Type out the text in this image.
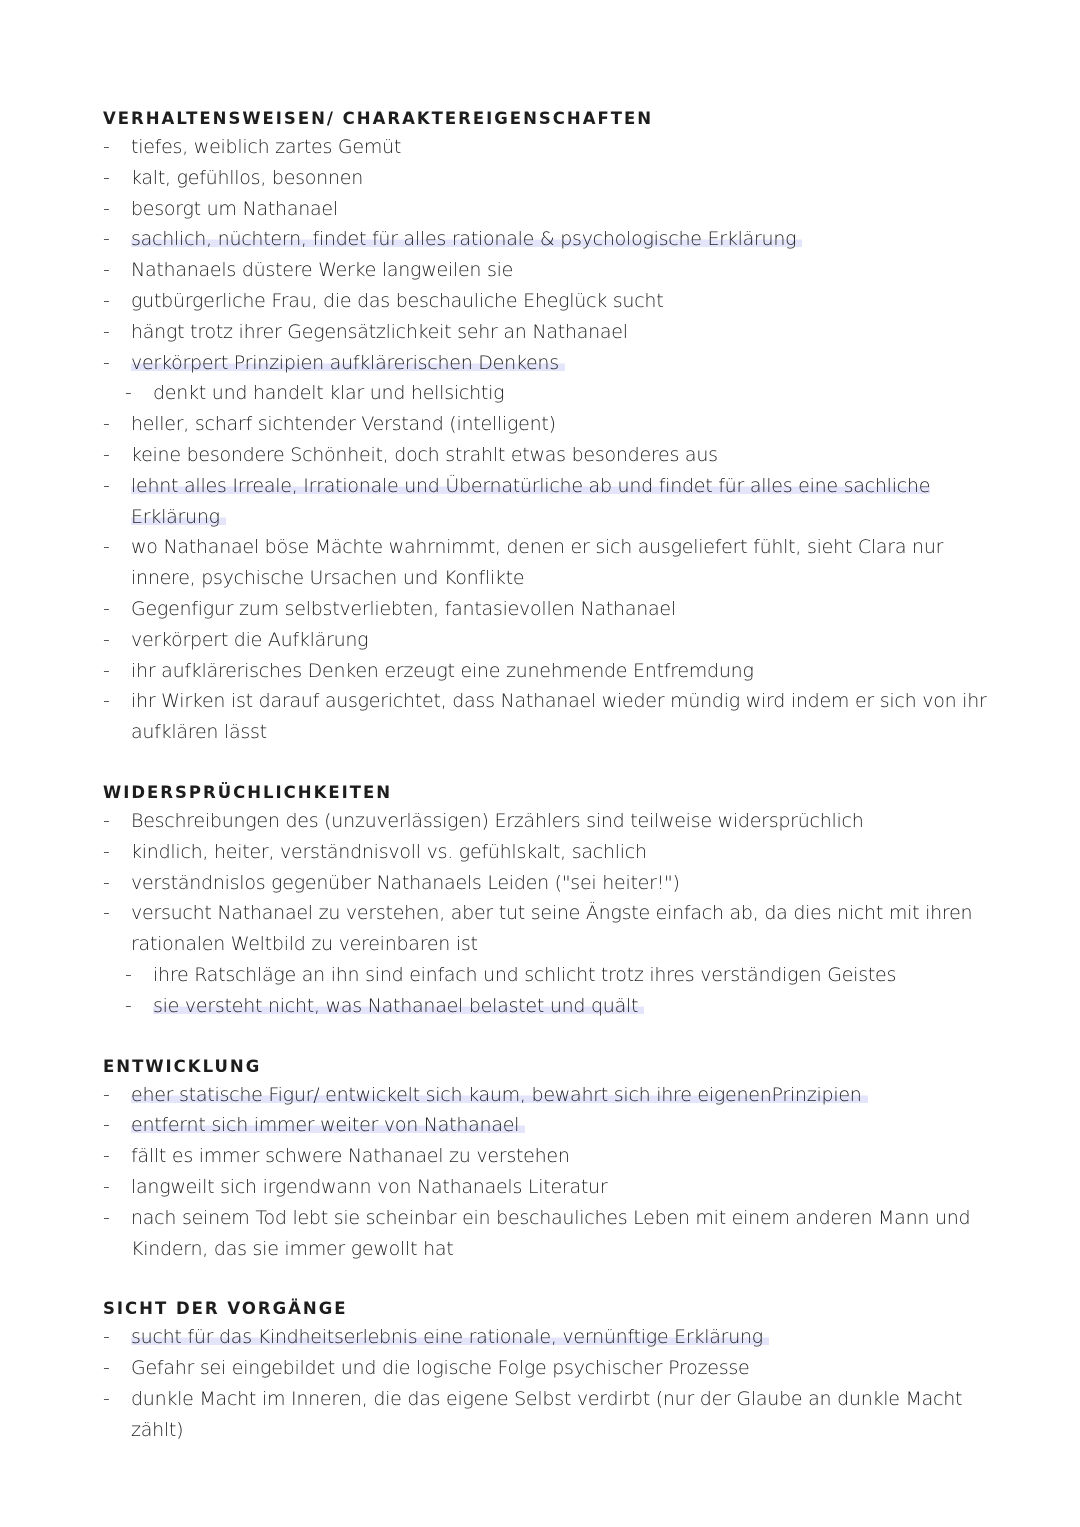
VERHALTENSWEISEN/ CHARAKTEREIGENSCHAFTEN
-	tiefes, weiblich zartes Gemüt
-	kalt, gefühllos, besonnen
-	besorgt um Nathanael
-	sachlich, nüchtern, findet für alles rationale & psychologische Erklärung
-	Nathanaels düstere Werke langweilen sie
-	gutbürgerliche Frau, die das beschauliche Eheglück sucht
-	hängt trotz ihrer Gegensätzlichkeit sehr an Nathanael
-	verkörpert Prinzipien aufklärerischen Denkens
-	denkt und handelt klar und hellsichtig
-	heller, scharf sichtender Verstand (intelligent)
-	keine besondere Schönheit, doch strahlt etwas besonderes aus
-	lehnt alles Irreale, Irrationale und Übernatürliche ab und findet für alles eine sachliche Erklärung
-	wo Nathanael böse Mächte wahrnimmt, denen er sich ausgeliefert fühlt, sieht Clara nur innere, psychische Ursachen und Konflikte
-	Gegenfigur zum selbstverliebten, fantasievollen Nathanael
-	verkörpert die Aufklärung
-	ihr aufklärerisches Denken erzeugt eine zunehmende Entfremdung
-	ihr Wirken ist darauf ausgerichtet, dass Nathanael wieder mündig wird indem er sich von ihr aufklären lässt
WIDERSPRÜCHLICHKEITEN
-	Beschreibungen des (unzuverlässigen) Erzählers sind teilweise widersprüchlich
-	kindlich, heiter, verständnisvoll vs. gefühlskalt, sachlich
-	verständnislos gegenüber Nathanaels Leiden ("sei heiter!")
-	versucht Nathanael zu verstehen, aber tut seine Ängste einfach ab, da dies nicht mit ihren rationalen Weltbild zu vereinbaren ist
-	ihre Ratschläge an ihn sind einfach und schlicht trotz ihres verständigen Geistes
-	sie versteht nicht, was Nathanael belastet und quält
ENTWICKLUNG
-	eher statische Figur/ entwickelt sich kaum, bewahrt sich ihre eigenenPrinzipien
-	entfernt sich immer weiter von Nathanael
-	fällt es immer schwere Nathanael zu verstehen
-	langweilt sich irgendwann von Nathanaels Literatur
-	nach seinem Tod lebt sie scheinbar ein beschauliches Leben mit einem anderen Mann und Kindern, das sie immer gewollt hat
SICHT DER VORGÄNGE
-	sucht für das Kindheitserlebnis eine rationale, vernünftige Erklärung
-	Gefahr sei eingebildet und die logische Folge psychischer Prozesse
-	dunkle Macht im Inneren, die das eigene Selbst verdirbt (nur der Glaube an dunkle Macht zählt)
